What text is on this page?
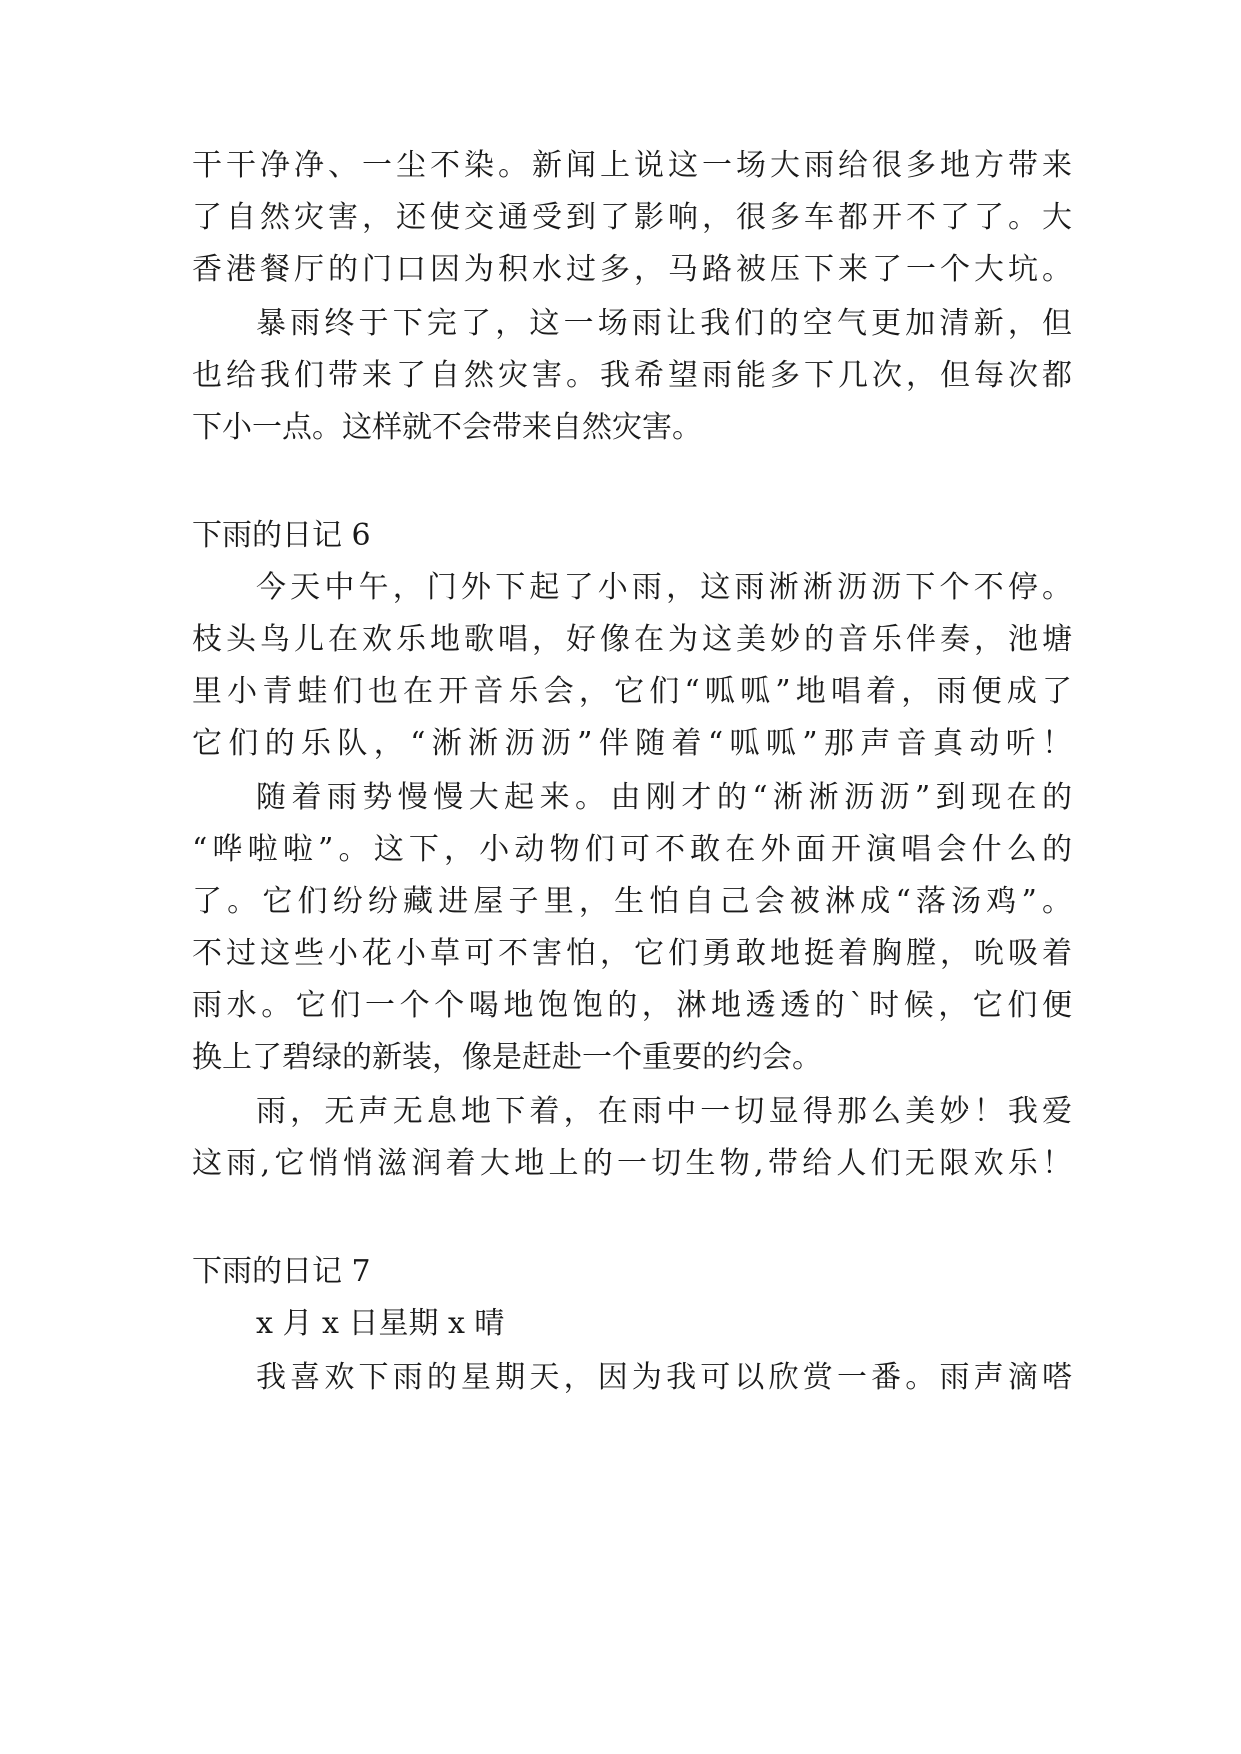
干干净净、一尘不染。新闻上说这一场大雨给很多地方带来
了自然灾害，还使交通受到了影响，很多车都开不了了。大
香港餐厅的门口因为积水过多，马路被压下来了一个大坑。
暴雨终于下完了，这一场雨让我们的空气更加清新，但
也给我们带来了自然灾害。我希望雨能多下几次，但每次都
下小一点。这样就不会带来自然灾害。
下雨的日记 6
今天中午，门外下起了小雨，这雨淅淅沥沥下个不停。
枝头鸟儿在欢乐地歌唱，好像在为这美妙的音乐伴奏，池塘
里小青蛙们也在开音乐会，它们“呱呱”地唱着，雨便成了
它们的乐队，“淅淅沥沥”伴随着“呱呱”那声音真动听！
随着雨势慢慢大起来。由刚才的“淅淅沥沥”到现在的
“哗啦啦”。这下，小动物们可不敢在外面开演唱会什么的
了。它们纷纷藏进屋子里，生怕自己会被淋成“落汤鸡”。
不过这些小花小草可不害怕，它们勇敢地挺着胸膛，吮吸着
雨水。它们一个个喝地饱饱的，淋地透透的`时候，它们便
换上了碧绿的新装，像是赶赴一个重要的约会。
雨，无声无息地下着，在雨中一切显得那么美妙！我爱
这雨,它悄悄滋润着大地上的一切生物,带给人们无限欢乐！
下雨的日记 7
x 月 x 日星期 x 晴
我喜欢下雨的星期天，因为我可以欣赏一番。雨声滴嗒
